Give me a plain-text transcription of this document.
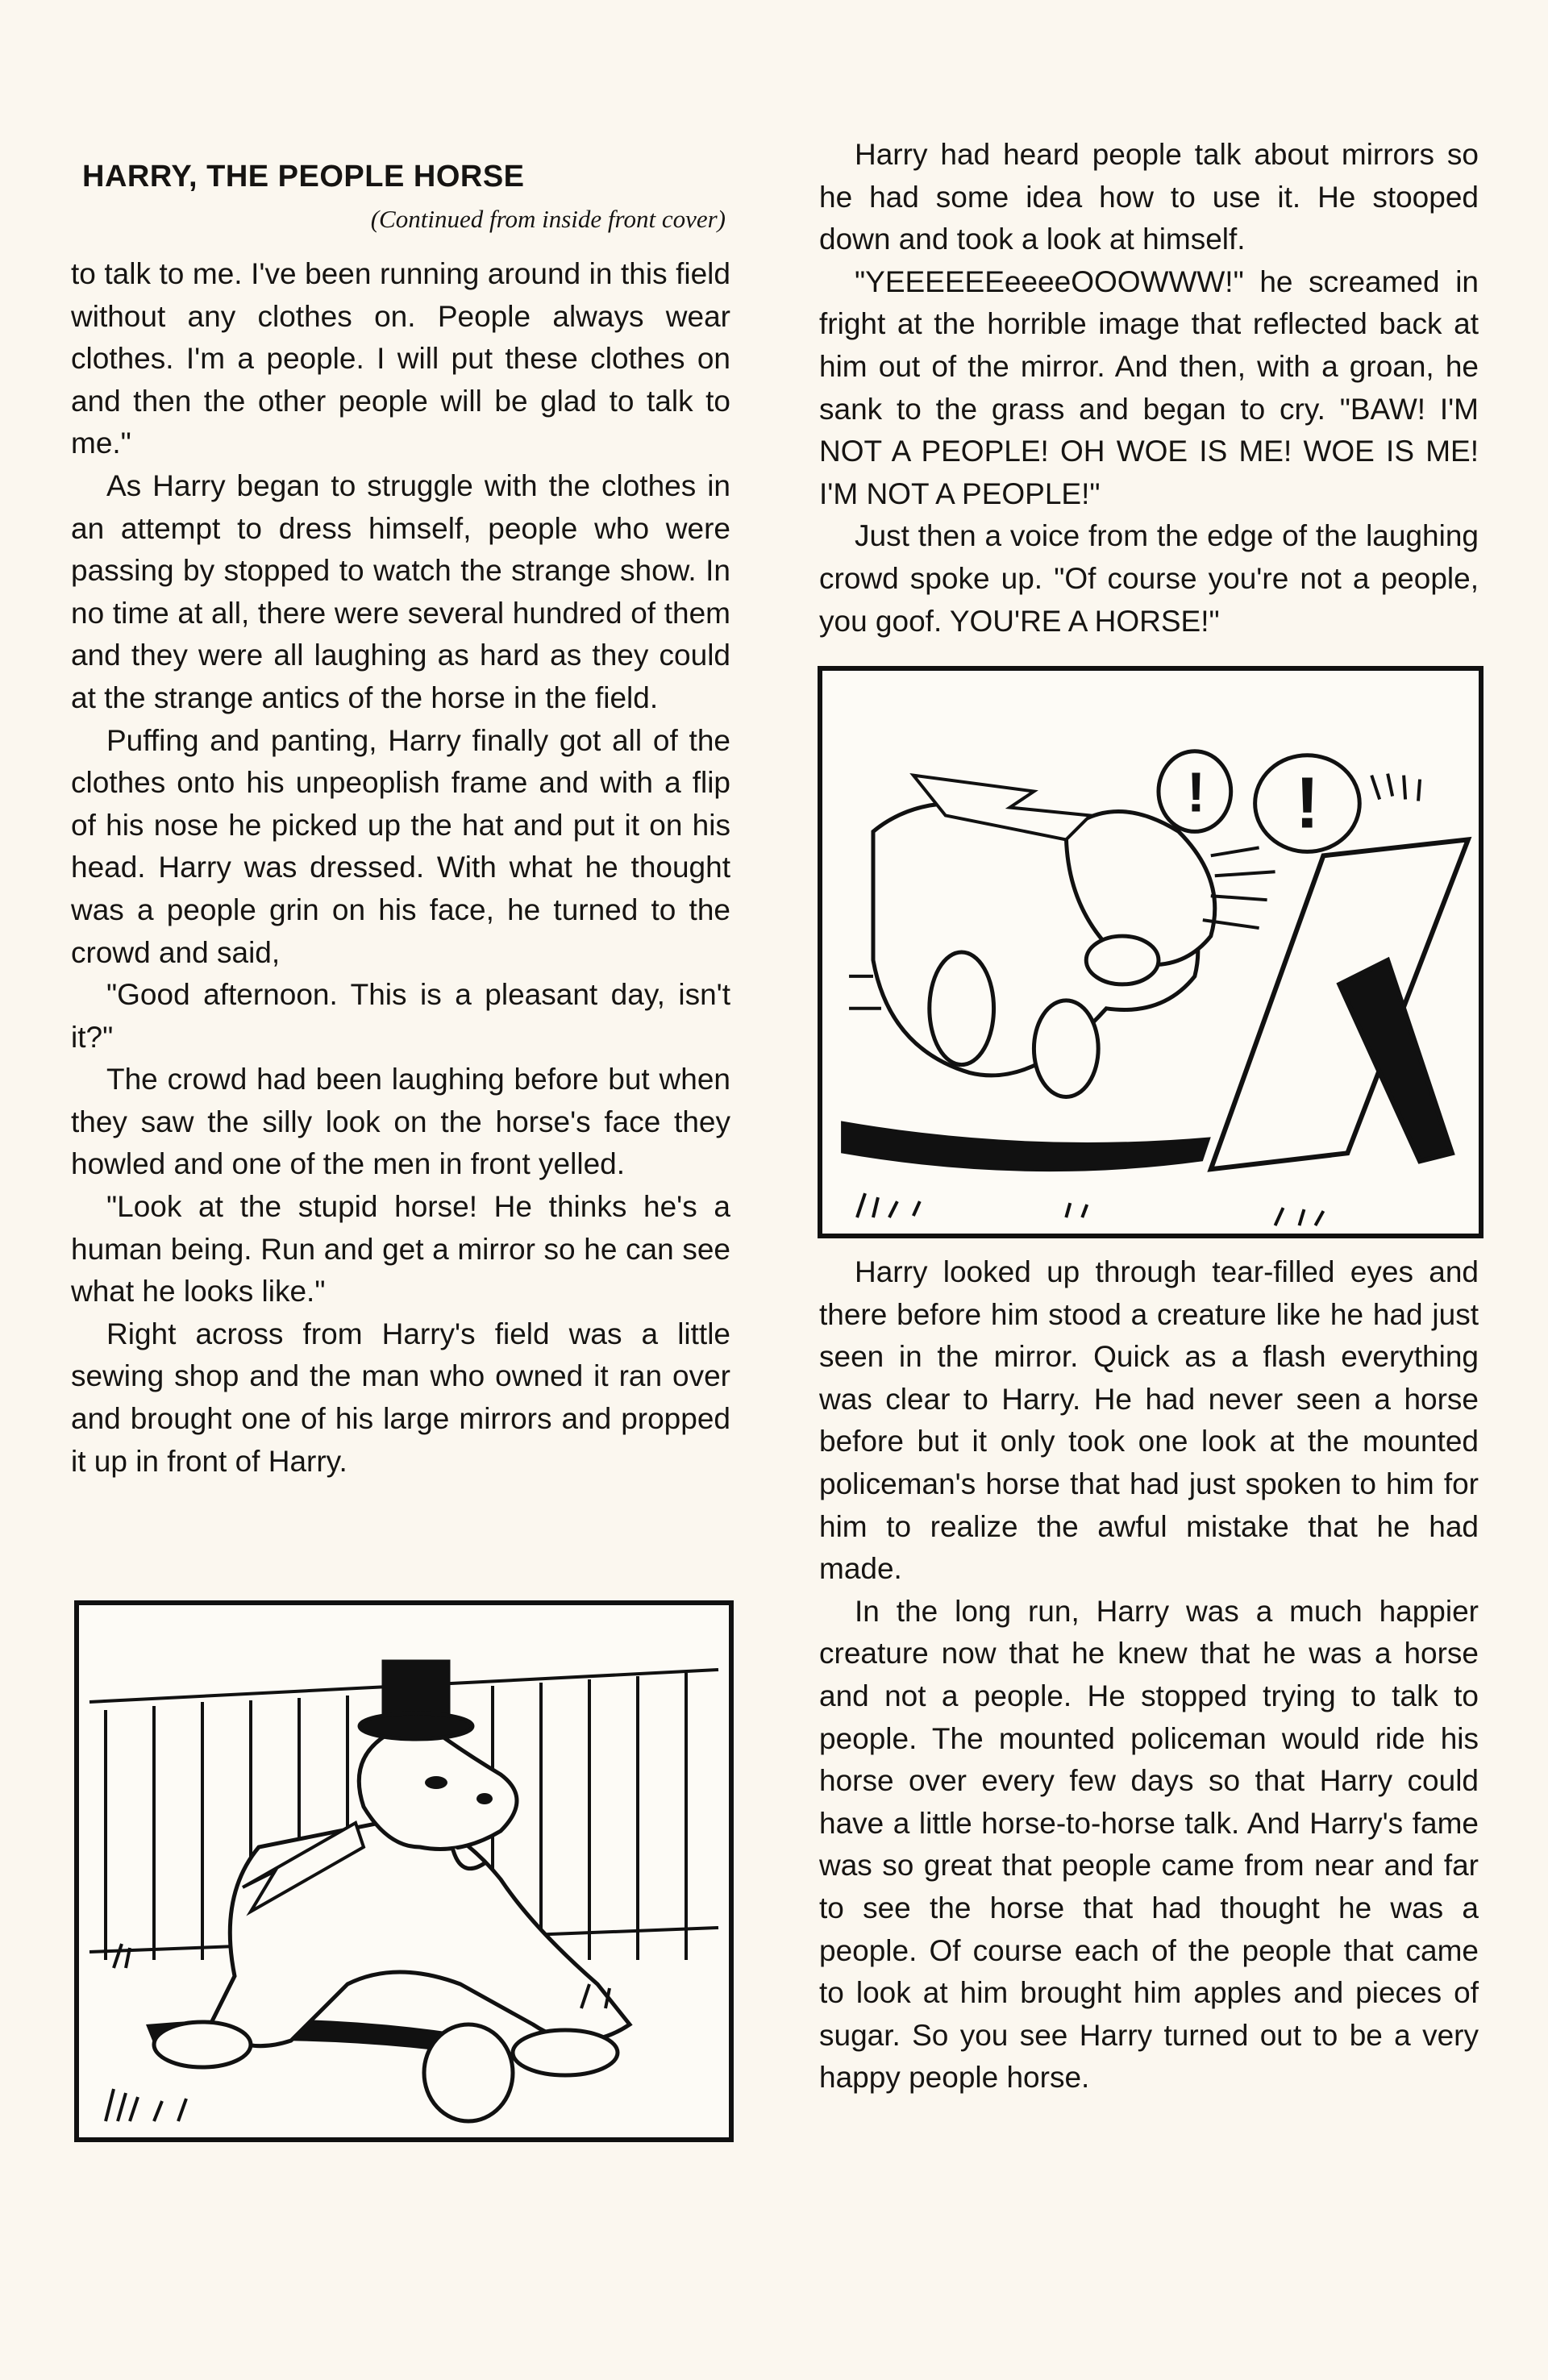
HARRY, THE PEOPLE HORSE
(Continued from inside front cover)

to talk to me. I've been running around in this field without any clothes on. People always wear clothes. I'm a people. I will put these clothes on and then the other people will be glad to talk to me."

As Harry began to struggle with the clothes in an attempt to dress himself, people who were passing by stopped to watch the strange show. In no time at all, there were several hundred of them and they were all laughing as hard as they could at the strange antics of the horse in the field.

Puffing and panting, Harry finally got all of the clothes onto his unpeoplish frame and with a flip of his nose he picked up the hat and put it on his head. Harry was dressed. With what he thought was a people grin on his face, he turned to the crowd and said,

"Good afternoon. This is a pleasant day, isn't it?"

The crowd had been laughing before but when they saw the silly look on the horse's face they howled and one of the men in front yelled.

"Look at the stupid horse! He thinks he's a human being. Run and get a mirror so he can see what he looks like."

Right across from Harry's field was a little sewing shop and the man who owned it ran over and brought one of his large mirrors and propped it up in front of Harry.

Harry had heard people talk about mirrors so he had some idea how to use it. He stooped down and took a look at himself.

"YEEEEEEeeeeOOOWWW!" he screamed in fright at the horrible image that reflected back at him out of the mirror. And then, with a groan, he sank to the grass and began to cry. "BAW! I'M NOT A PEOPLE! OH WOE IS ME! WOE IS ME! I'M NOT A PEOPLE!"

Just then a voice from the edge of the laughing crowd spoke up. "Of course you're not a people, you goof. YOU'RE A HORSE!"

! !

Harry looked up through tear-filled eyes and there before him stood a creature like he had just seen in the mirror. Quick as a flash everything was clear to Harry. He had never seen a horse before but it only took one look at the mounted policeman's horse that had just spoken to him for him to realize the awful mistake that he had made.

In the long run, Harry was a much happier creature now that he knew that he was a horse and not a people. He stopped trying to talk to people. The mounted policeman would ride his horse over every few days so that Harry could have a little horse-to-horse talk. And Harry's fame was so great that people came from near and far to see the horse that had thought he was a people. Of course each of the people that came to look at him brought him apples and pieces of sugar. So you see Harry turned out to be a very happy people horse.
